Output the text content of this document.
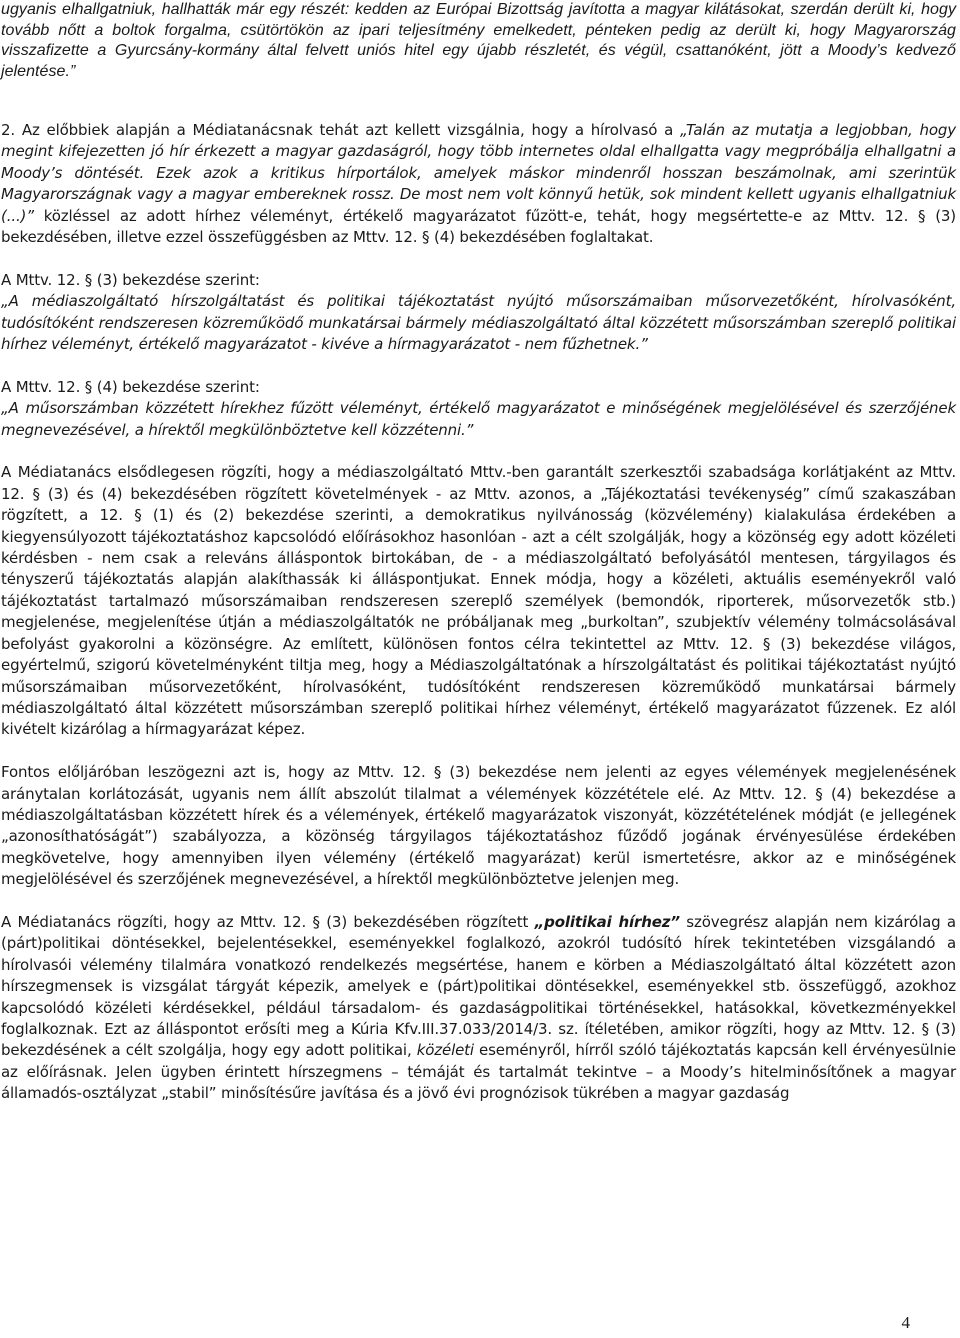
ugyanis elhallgatniuk, hallhatták már egy részét: kedden az Európai Bizottság javította a magyar kilátásokat, szerdán derült ki, hogy tovább nőtt a boltok forgalma, csütörtökön az ipari teljesítmény emelkedett, pénteken pedig az derült ki, hogy Magyarország visszafizette a Gyurcsány-kormány által felvett uniós hitel egy újabb részletét, és végül, csattanóként, jött a Moody’s kedvező jelentése.”

2. Az előbbiek alapján a Médiatanácsnak tehát azt kellett vizsgálnia, hogy a hírolvasó a „Talán az mutatja a legjobban, hogy megint kifejezetten jó hír érkezett a magyar gazdaságról, hogy több internetes oldal elhallgatta vagy megpróbálja elhallgatni a Moody’s döntését. Ezek azok a kritikus hírportálok, amelyek máskor mindenről hosszan beszámolnak, ami szerintük Magyarországnak vagy a magyar embereknek rossz. De most nem volt könnyű hetük, sok mindent kellett ugyanis elhallgatniuk (...)” közléssel az adott hírhez véleményt, értékelő magyarázatot fűzött-e, tehát, hogy megsértette-e az Mttv. 12. § (3) bekezdésében, illetve ezzel összefüggésben az Mttv. 12. § (4) bekezdésében foglaltakat.

A Mttv. 12. § (3) bekezdése szerint:

„A médiaszolgáltató hírszolgáltatást és politikai tájékoztatást nyújtó műsorszámaiban műsorvezetőként, hírolvasóként, tudósítóként rendszeresen közreműködő munkatársai bármely médiaszolgáltató által közzétett műsorszámban szereplő politikai hírhez véleményt, értékelő magyarázatot - kivéve a hírmagyarázatot - nem fűzhetnek.”

A Mttv. 12. § (4) bekezdése szerint:

„A műsorszámban közzétett hírekhez fűzött véleményt, értékelő magyarázatot e minőségének megjelölésével és szerzőjének megnevezésével, a hírektől megkülönböztetve kell közzétenni.”

A Médiatanács elsődlegesen rögzíti, hogy a médiaszolgáltató Mttv.-ben garantált szerkesztői szabadsága korlátjaként az Mttv. 12. § (3) és (4) bekezdésében rögzített követelmények - az Mttv. azonos, a „Tájékoztatási tevékenység” című szakaszában rögzített, a 12. § (1) és (2) bekezdése szerinti, a demokratikus nyilvánosság (közvélemény) kialakulása érdekében a kiegyensúlyozott tájékoztatáshoz kapcsolódó előírásokhoz hasonlóan - azt a célt szolgálják, hogy a közönség egy adott közéleti kérdésben - nem csak a releváns álláspontok birtokában, de - a médiaszolgáltató befolyásától mentesen, tárgyilagos és tényszerű tájékoztatás alapján alakíthassák ki álláspontjukat. Ennek módja, hogy a közéleti, aktuális eseményekről való tájékoztatást tartalmazó műsorszámaiban rendszeresen szereplő személyek (bemondók, riporterek, műsorvezetők stb.) megjelenése, megjelenítése útján a médiaszolgáltatók ne próbáljanak meg „burkoltan”, szubjektív vélemény tolmácsolásával befolyást gyakorolni a közönségre. Az említett, különösen fontos célra tekintettel az Mttv. 12. § (3) bekezdése világos, egyértelmű, szigorú követelményként tiltja meg, hogy a Médiaszolgáltatónak a hírszolgáltatást és politikai tájékoztatást nyújtó műsorszámaiban műsorvezetőként, hírolvasóként, tudósítóként rendszeresen közreműködő munkatársai bármely médiaszolgáltató által közzétett műsorszámban szereplő politikai hírhez véleményt, értékelő magyarázatot fűzzenek. Ez alól kivételt kizárólag a hírmagyarázat képez.

Fontos előljáróban leszögezni azt is, hogy az Mttv. 12. § (3) bekezdése nem jelenti az egyes vélemények megjelenésének aránytalan korlátozását, ugyanis nem állít abszolút tilalmat a vélemények közzététele elé. Az Mttv. 12. § (4) bekezdése a médiaszolgáltatásban közzétett hírek és a vélemények, értékelő magyarázatok viszonyát, közzétételének módját (e jellegének „azonosíthatóságát”) szabályozza, a közönség tárgyilagos tájékoztatáshoz fűződő jogának érvényesülése érdekében megkövetelve, hogy amennyiben ilyen vélemény (értékelő magyarázat) kerül ismertetésre, akkor az e minőségének megjelölésével és szerzőjének megnevezésével, a hírektől megkülönböztetve jelenjen meg.

A Médiatanács rögzíti, hogy az Mttv. 12. § (3) bekezdésében rögzített „politikai hírhez” szövegrész alapján nem kizárólag a (párt)politikai döntésekkel, bejelentésekkel, eseményekkel foglalkozó, azokról tudósító hírek tekintetében vizsgálandó a hírolvasói vélemény tilalmára vonatkozó rendelkezés megsértése, hanem e körben a Médiaszolgáltató által közzétett azon hírszegmensek is vizsgálat tárgyát képezik, amelyek e (párt)politikai döntésekkel, eseményekkel stb. összefüggő, azokhoz kapcsolódó közéleti kérdésekkel, például társadalom- és gazdaságpolitikai történésekkel, hatásokkal, következményekkel foglalkoznak. Ezt az álláspontot erősíti meg a Kúria Kfv.III.37.033/2014/3. sz. ítéletében, amikor rögzíti, hogy az Mttv. 12. § (3) bekezdésének a célt szolgálja, hogy egy adott politikai, közéleti eseményről, hírről szóló tájékoztatás kapcsán kell érvényesülnie az előírásnak. Jelen ügyben érintett hírszegmens – témáját és tartalmát tekintve – a Moody’s hitelminősítőnek a magyar államadós-osztályzat „stabil” minősítésűre javítása és a jövő évi prognózisok tükrében a magyar gazdaság

4
